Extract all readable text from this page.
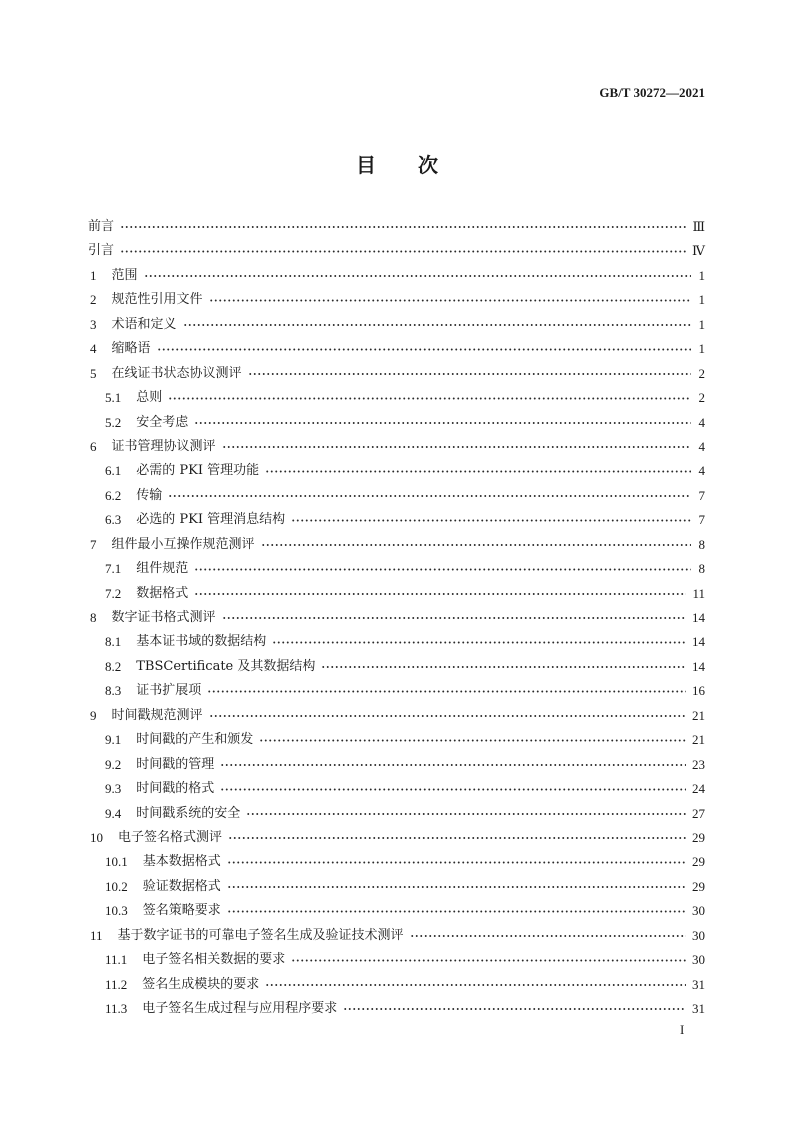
GB/T 30272—2021
目次
前言	Ⅲ
引言	Ⅳ
1 范围	1
2 规范性引用文件	1
3 术语和定义	1
4 缩略语	1
5 在线证书状态协议测评	2
5.1 总则	2
5.2 安全考虑	4
6 证书管理协议测评	4
6.1 必需的 PKI 管理功能	4
6.2 传输	7
6.3 必选的 PKI 管理消息结构	7
7 组件最小互操作规范测评	8
7.1 组件规范	8
7.2 数据格式	11
8 数字证书格式测评	14
8.1 基本证书域的数据结构	14
8.2 TBSCertificate 及其数据结构	14
8.3 证书扩展项	16
9 时间戳规范测评	21
9.1 时间戳的产生和颁发	21
9.2 时间戳的管理	23
9.3 时间戳的格式	24
9.4 时间戳系统的安全	27
10 电子签名格式测评	29
10.1 基本数据格式	29
10.2 验证数据格式	29
10.3 签名策略要求	30
11 基于数字证书的可靠电子签名生成及验证技术测评	30
11.1 电子签名相关数据的要求	30
11.2 签名生成模块的要求	31
11.3 电子签名生成过程与应用程序要求	31
I
